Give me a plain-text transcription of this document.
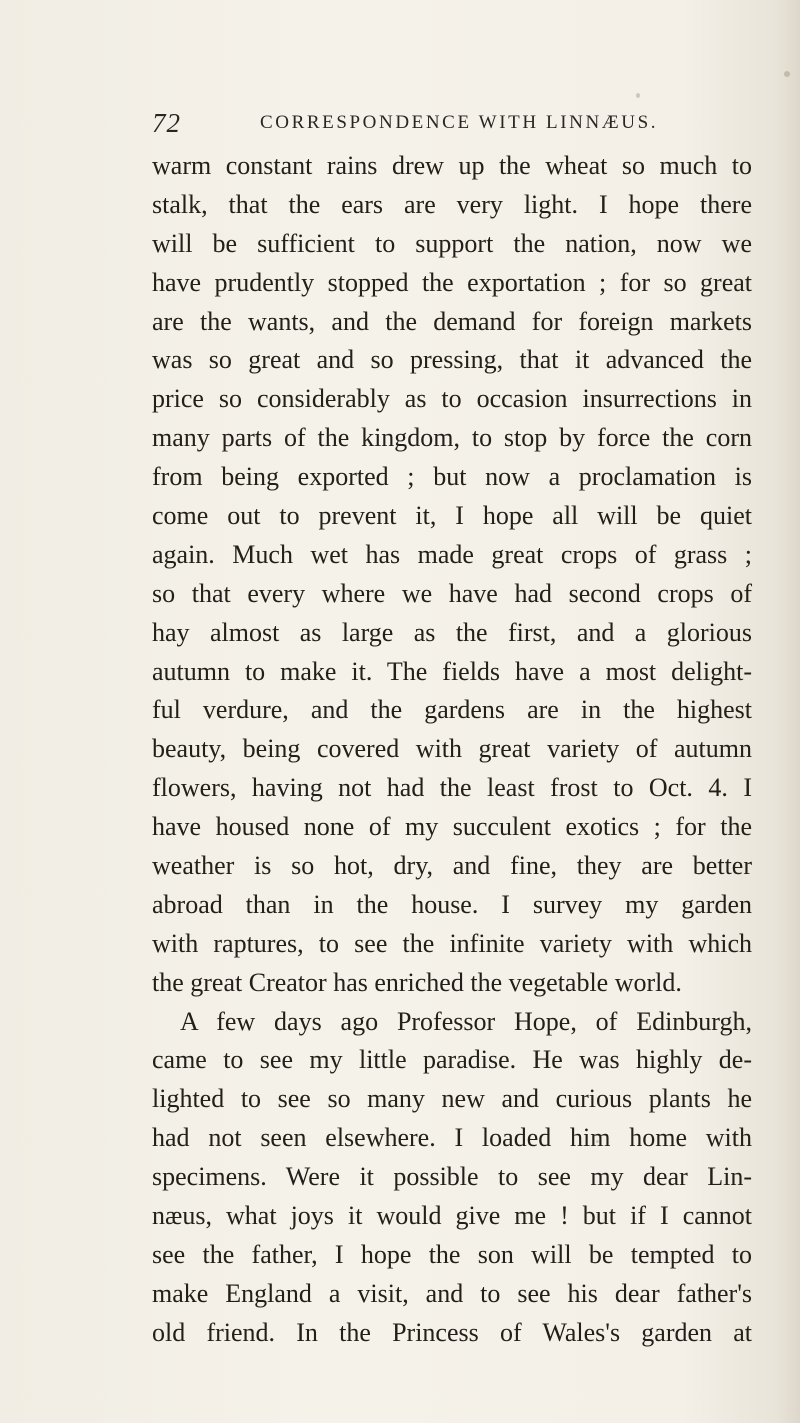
72	CORRESPONDENCE WITH LINNÆUS.
warm constant rains drew up the wheat so much to
stalk, that the ears are very light. I hope there
will be sufficient to support the nation, now we
have prudently stopped the exportation ; for so great
are the wants, and the demand for foreign markets
was so great and so pressing, that it advanced the
price so considerably as to occasion insurrections in
many parts of the kingdom, to stop by force the corn
from being exported ; but now a proclamation is
come out to prevent it, I hope all will be quiet
again. Much wet has made great crops of grass ;
so that every where we have had second crops of
hay almost as large as the first, and a glorious
autumn to make it. The fields have a most delight-
ful verdure, and the gardens are in the highest
beauty, being covered with great variety of autumn
flowers, having not had the least frost to Oct. 4. I
have housed none of my succulent exotics ; for the
weather is so hot, dry, and fine, they are better
abroad than in the house. I survey my garden
with raptures, to see the infinite variety with which
the great Creator has enriched the vegetable world.
A few days ago Professor Hope, of Edinburgh,
came to see my little paradise. He was highly de-
lighted to see so many new and curious plants he
had not seen elsewhere. I loaded him home with
specimens. Were it possible to see my dear Lin-
næus, what joys it would give me ! but if I cannot
see the father, I hope the son will be tempted to
make England a visit, and to see his dear father's
old friend. In the Princess of Wales's garden at
